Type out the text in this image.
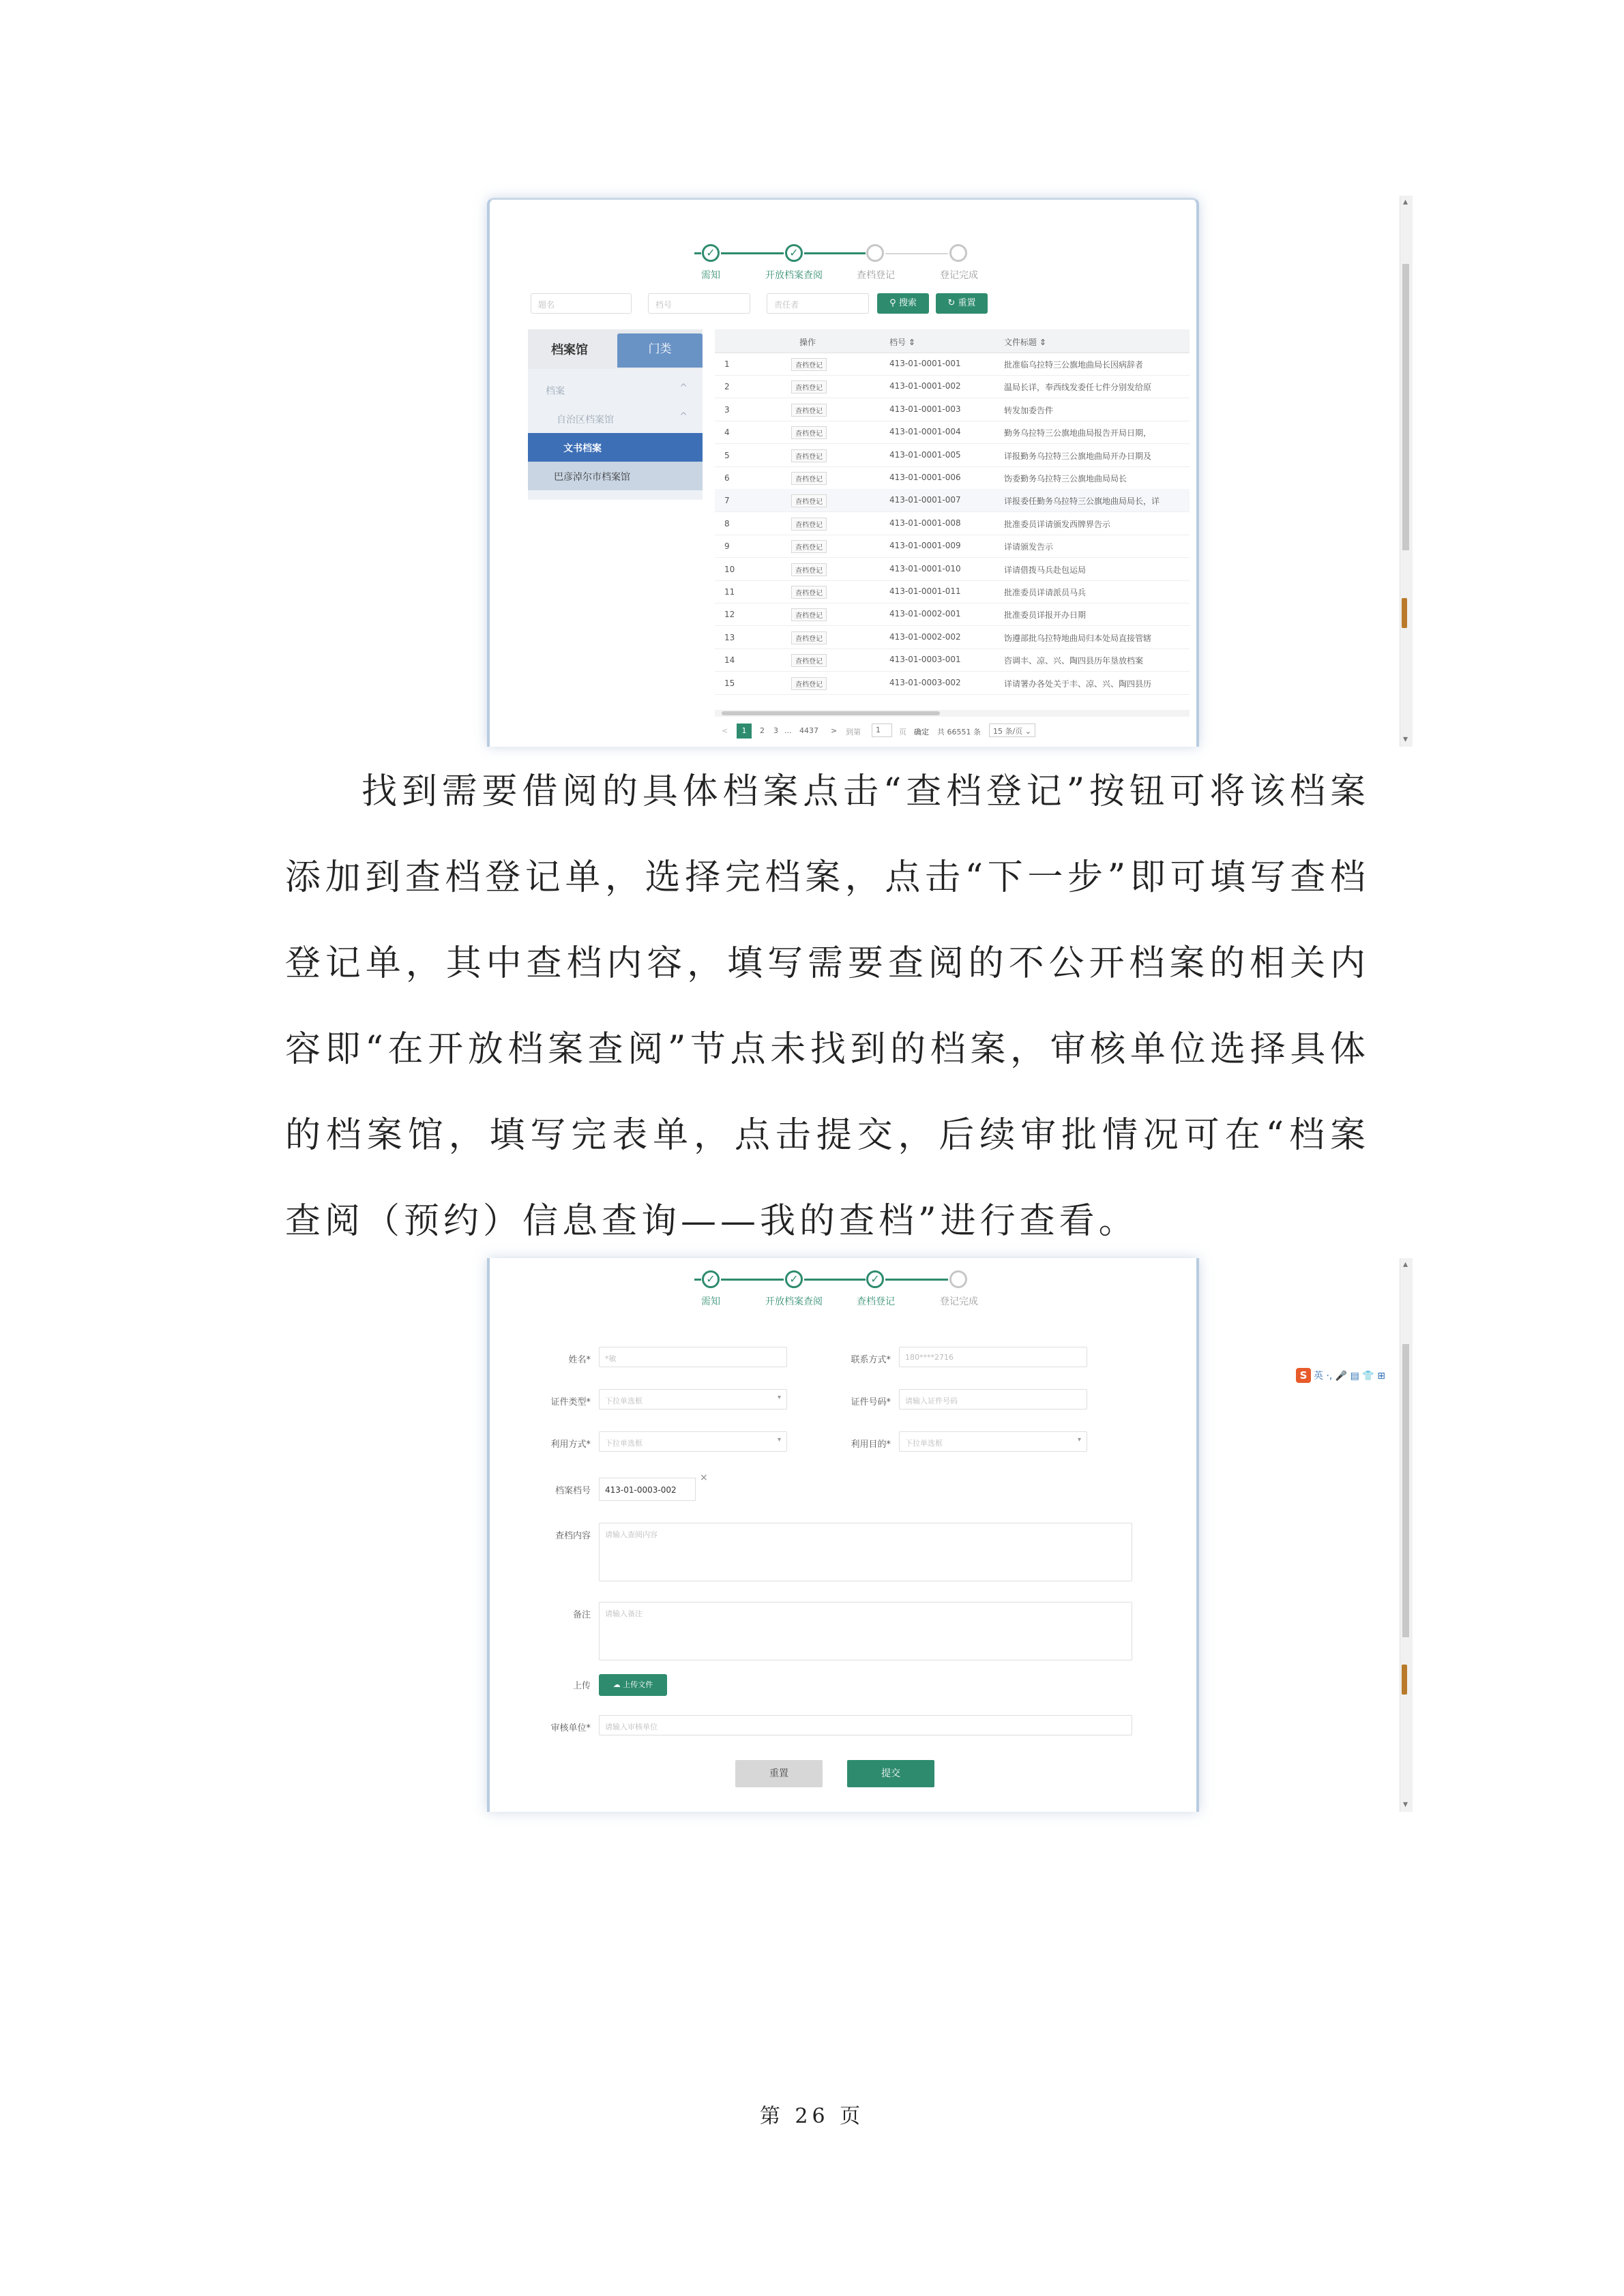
✓	✓
需知	开放档案查阅	查档登记	登记完成
题名	档号	责任者	⚲ 搜索	↻ 重置
档案馆	门类
档案	^
自治区档案馆	^
文书档案
巴彦淖尔市档案馆
操作	档号 ⇕	文件标题 ⇕
1	查档登记	413-01-0001-001	批准临乌拉特三公旗地曲局长因病辞者
2	查档登记	413-01-0001-002	温局长详，奉西线发委任七件分别发给原
3	查档登记	413-01-0001-003	转发加委告件
4	查档登记	413-01-0001-004	勤务乌拉特三公旗地曲局报告开局日期，
5	查档登记	413-01-0001-005	详报勤务乌拉特三公旗地曲局开办日期及
6	查档登记	413-01-0001-006	饬委勤务乌拉特三公旗地曲局局长
7	查档登记	413-01-0001-007	详报委任勤务乌拉特三公旗地曲局局长，详
8	查档登记	413-01-0001-008	批准委员详请颁发西牌界告示
9	查档登记	413-01-0001-009	详请颁发告示
10	查档登记	413-01-0001-010	详请借拨马兵赴包运局
11	查档登记	413-01-0001-011	批准委员详请派员马兵
12	查档登记	413-01-0002-001	批准委员详报开办日期
13	查档登记	413-01-0002-002	饬遵部批乌拉特地曲局归本处局直接管辖
14	查档登记	413-01-0003-001	咨调丰、凉、兴、陶四县历年垦放档案
15	查档登记	413-01-0003-002	详请署办各处关于丰、凉、兴、陶四县历
<	1	2 3 ... 4437 > 到第	1	页 确定 共 66551 条	15 条/页 ⌄
▴
▾

找到需要借阅的具体档案点击“查档登记”按钮可将该档案添加到查档登记单，选择完档案，点击“下一步”即可填写查档登记单，其中查档内容，填写需要查阅的不公开档案的相关内容即“在开放档案查阅”节点未找到的档案，审核单位选择具体的档案馆，填写完表单，点击提交，后续审批情况可在“档案查阅（预约）信息查询——我的查档”进行查看。

✓	✓	✓
需知	开放档案查阅	查档登记	登记完成
姓名*	*敏	联系方式*	180****2716
证件类型*	下拉单选框	▾	证件号码*	请输入证件号码
利用方式*	下拉单选框	▾	利用目的*	下拉单选框	▾
档案档号	413-01-0003-002
×
查档内容	请输入查阅内容
备注	请输入备注
上传	☁ 上传文件
审核单位*	请输入审核单位
重置	提交
▴
▾
S 英 ·, 🎤 ▤ 👕 ⊞
第 26 页
